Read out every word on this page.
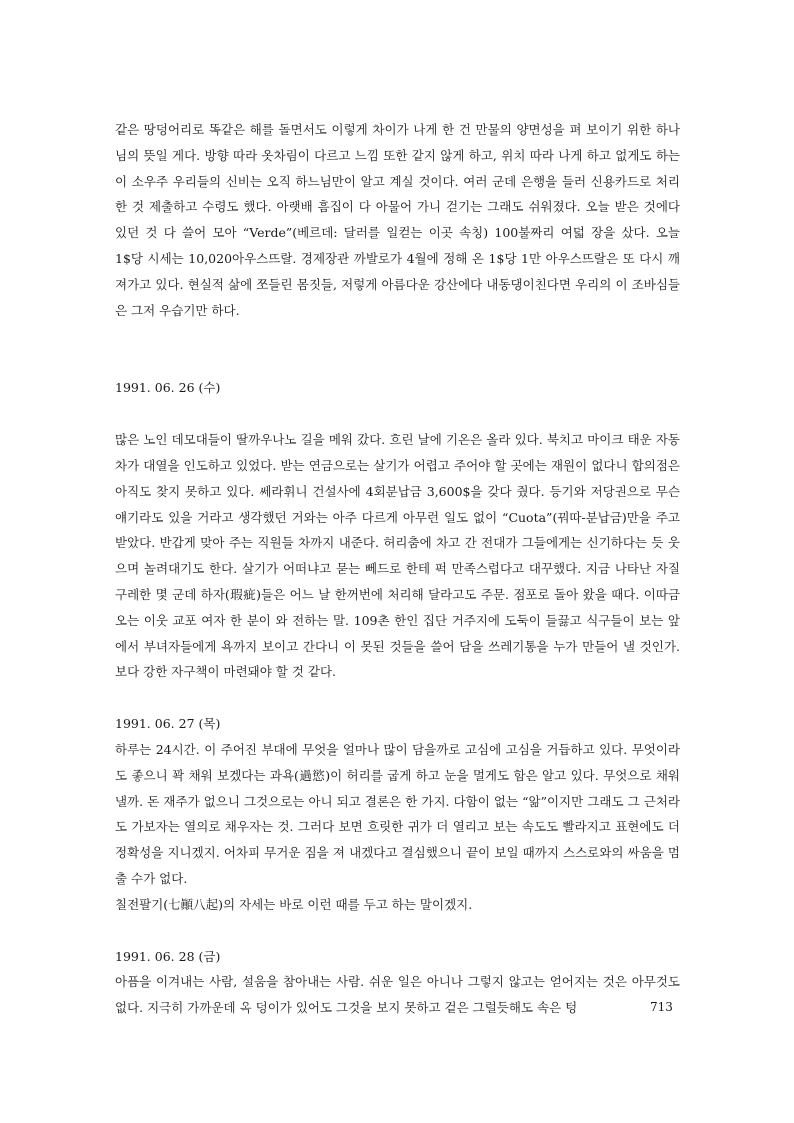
같은 땅덩어리로 똑같은 해를 돌면서도 이렇게 차이가 나게 한 건 만물의 양면성을 펴 보이기 위한 하나님의 뜻일 게다. 방향 따라 옷차림이 다르고 느낌 또한 같지 않게 하고, 위치 따라 나게 하고 없게도 하는 이 소우주 우리들의 신비는 오직 하느님만이 알고 계실 것이다. 여러 군데 은행을 들러 신용카드로 처리한 것 제출하고 수령도 했다. 아랫배 흠집이 다 아물어 가니 걷기는 그래도 쉬워졌다. 오늘 받은 것에다 있던 것 다 쓸어 모아 “Verde”(베르데: 달러를 일컫는 이곳 속칭) 100불짜리 여덟 장을 샀다. 오늘 1$당 시세는 10,020아우스뜨랄. 경제장관 까발로가 4월에 정해 온 1$당 1만 아우스뜨랄은 또 다시 깨져가고 있다. 현실적 삶에 쪼들린 몸짓들, 저렇게 아름다운 강산에다 내동댕이친다면 우리의 이 조바심들은 그저 우습기만 하다.

1991. 06. 26 (수)

많은 노인 데모대들이 딸까우나노 길을 메워 갔다. 흐린 날에 기온은 올라 있다. 북치고 마이크 태운 자동차가 대열을 인도하고 있었다. 받는 연금으로는 살기가 어렵고 주어야 할 곳에는 재원이 없다니 합의점은 아직도 찾지 못하고 있다. 쎄라휘니 건설사에 4회분납금 3,600$을 갖다 줬다. 등기와 저당권으로 무슨 얘기라도 있을 거라고 생각했던 거와는 아주 다르게 아무런 일도 없이 “Cuota”(꿔따-분납금)만을 주고받았다. 반갑게 맞아 주는 직원들 차까지 내준다. 허리춤에 차고 간 전대가 그들에게는 신기하다는 듯 웃으며 놀려대기도 한다. 살기가 어떠냐고 묻는 뻬드로 한테 퍽 만족스럽다고 대꾸했다. 지금 나타난 자질구레한 몇 군데 하자(瑕疵)들은 어느 날 한꺼번에 처리해 달라고도 주문. 점포로 돌아 왔을 때다. 이따금 오는 이웃 교포 여자 한 분이 와 전하는 말. 109촌 한인 집단 거주지에 도둑이 들끓고 식구들이 보는 앞에서 부녀자들에게 욕까지 보이고 간다니 이 못된 것들을 쓸어 담을 쓰레기통을 누가 만들어 낼 것인가. 보다 강한 자구책이 마련돼야 할 것 같다.

1991. 06. 27 (목)

하루는 24시간. 이 주어진 부대에 무엇을 얼마나 많이 담을까로 고심에 고심을 거듭하고 있다. 무엇이라도 좋으니 꽉 채워 보겠다는 과욕(過慾)이 허리를 굽게 하고 눈을 멀게도 함은 알고 있다. 무엇으로 채워 낼까. 돈 재주가 없으니 그것으로는 아니 되고 결론은 한 가지. 다함이 없는 “앎”이지만 그래도 그 근처라도 가보자는 열의로 채우자는 것. 그러다 보면 흐릿한 귀가 더 열리고 보는 속도도 빨라지고 표현에도 더 정확성을 지니겠지. 어차피 무거운 짐을 져 내겠다고 결심했으니 끝이 보일 때까지 스스로와의 싸움을 멈출 수가 없다.

칠전팔기(七顚八起)의 자세는 바로 이런 때를 두고 하는 말이겠지.

1991. 06. 28 (금)

아픔을 이겨내는 사람, 설움을 참아내는 사람. 쉬운 일은 아니나 그렇지 않고는 얻어지는 것은 아무것도 없다. 지극히 가까운데 옥 덩이가 있어도 그것을 보지 못하고 겉은 그럴듯해도 속은 텅	713
